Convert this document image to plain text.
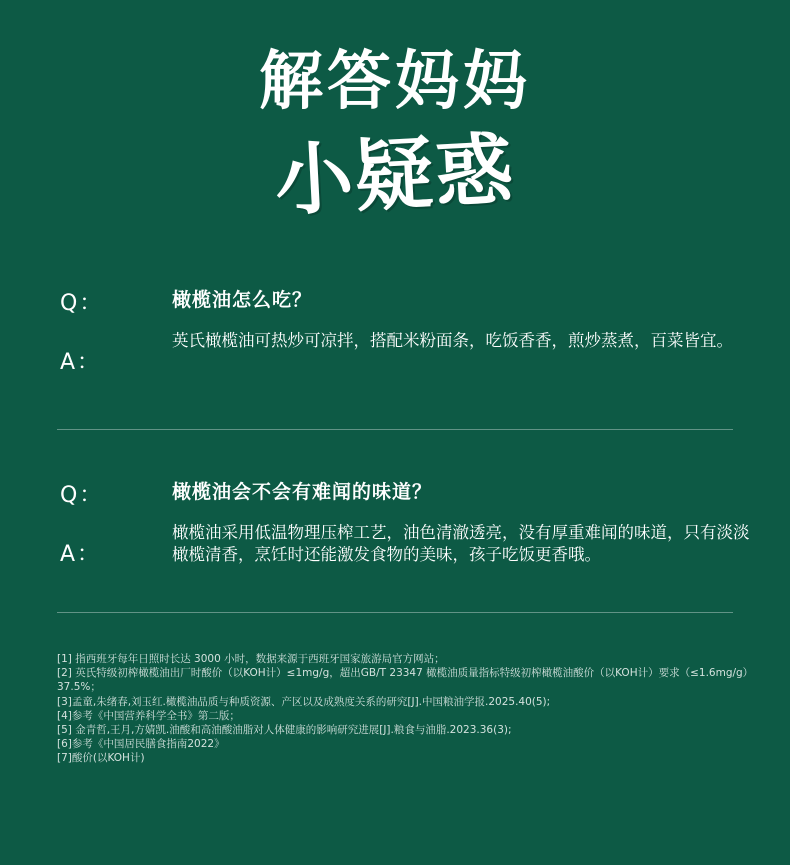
解答妈妈
小疑惑
Q：	橄榄油怎么吃？

A：

英氏橄榄油可热炒可凉拌，搭配米粉面条，吃饭香香，煎炒蒸煮，百菜皆宜。

Q：	橄榄油会不会有难闻的味道？

A：

橄榄油采用低温物理压榨工艺，油色清澈透亮，没有厚重难闻的味道，只有淡淡橄榄清香，烹饪时还能激发食物的美味，孩子吃饭更香哦。

[1] 指西班牙每年日照时长达 3000 小时，数据来源于西班牙国家旅游局官方网站；
[2] 英氏特级初榨橄榄油出厂时酸价（以KOH计）≤1mg/g，超出GB/T 23347 橄榄油质量指标特级初榨橄榄油酸价（以KOH计）要求（≤1.6mg/g）37.5%；
[3]孟童,朱绪春,刘玉红.橄榄油品质与种质资源、产区以及成熟度关系的研究[J].中国粮油学报.2025.40(5);
[4]参考《中国营养科学全书》第二版；
[5] 金青哲,王月,方婧凯.油酸和高油酸油脂对人体健康的影响研究进展[J].粮食与油脂.2023.36(3);
[6]参考《中国居民膳食指南2022》
[7]酸价(以KOH计)
